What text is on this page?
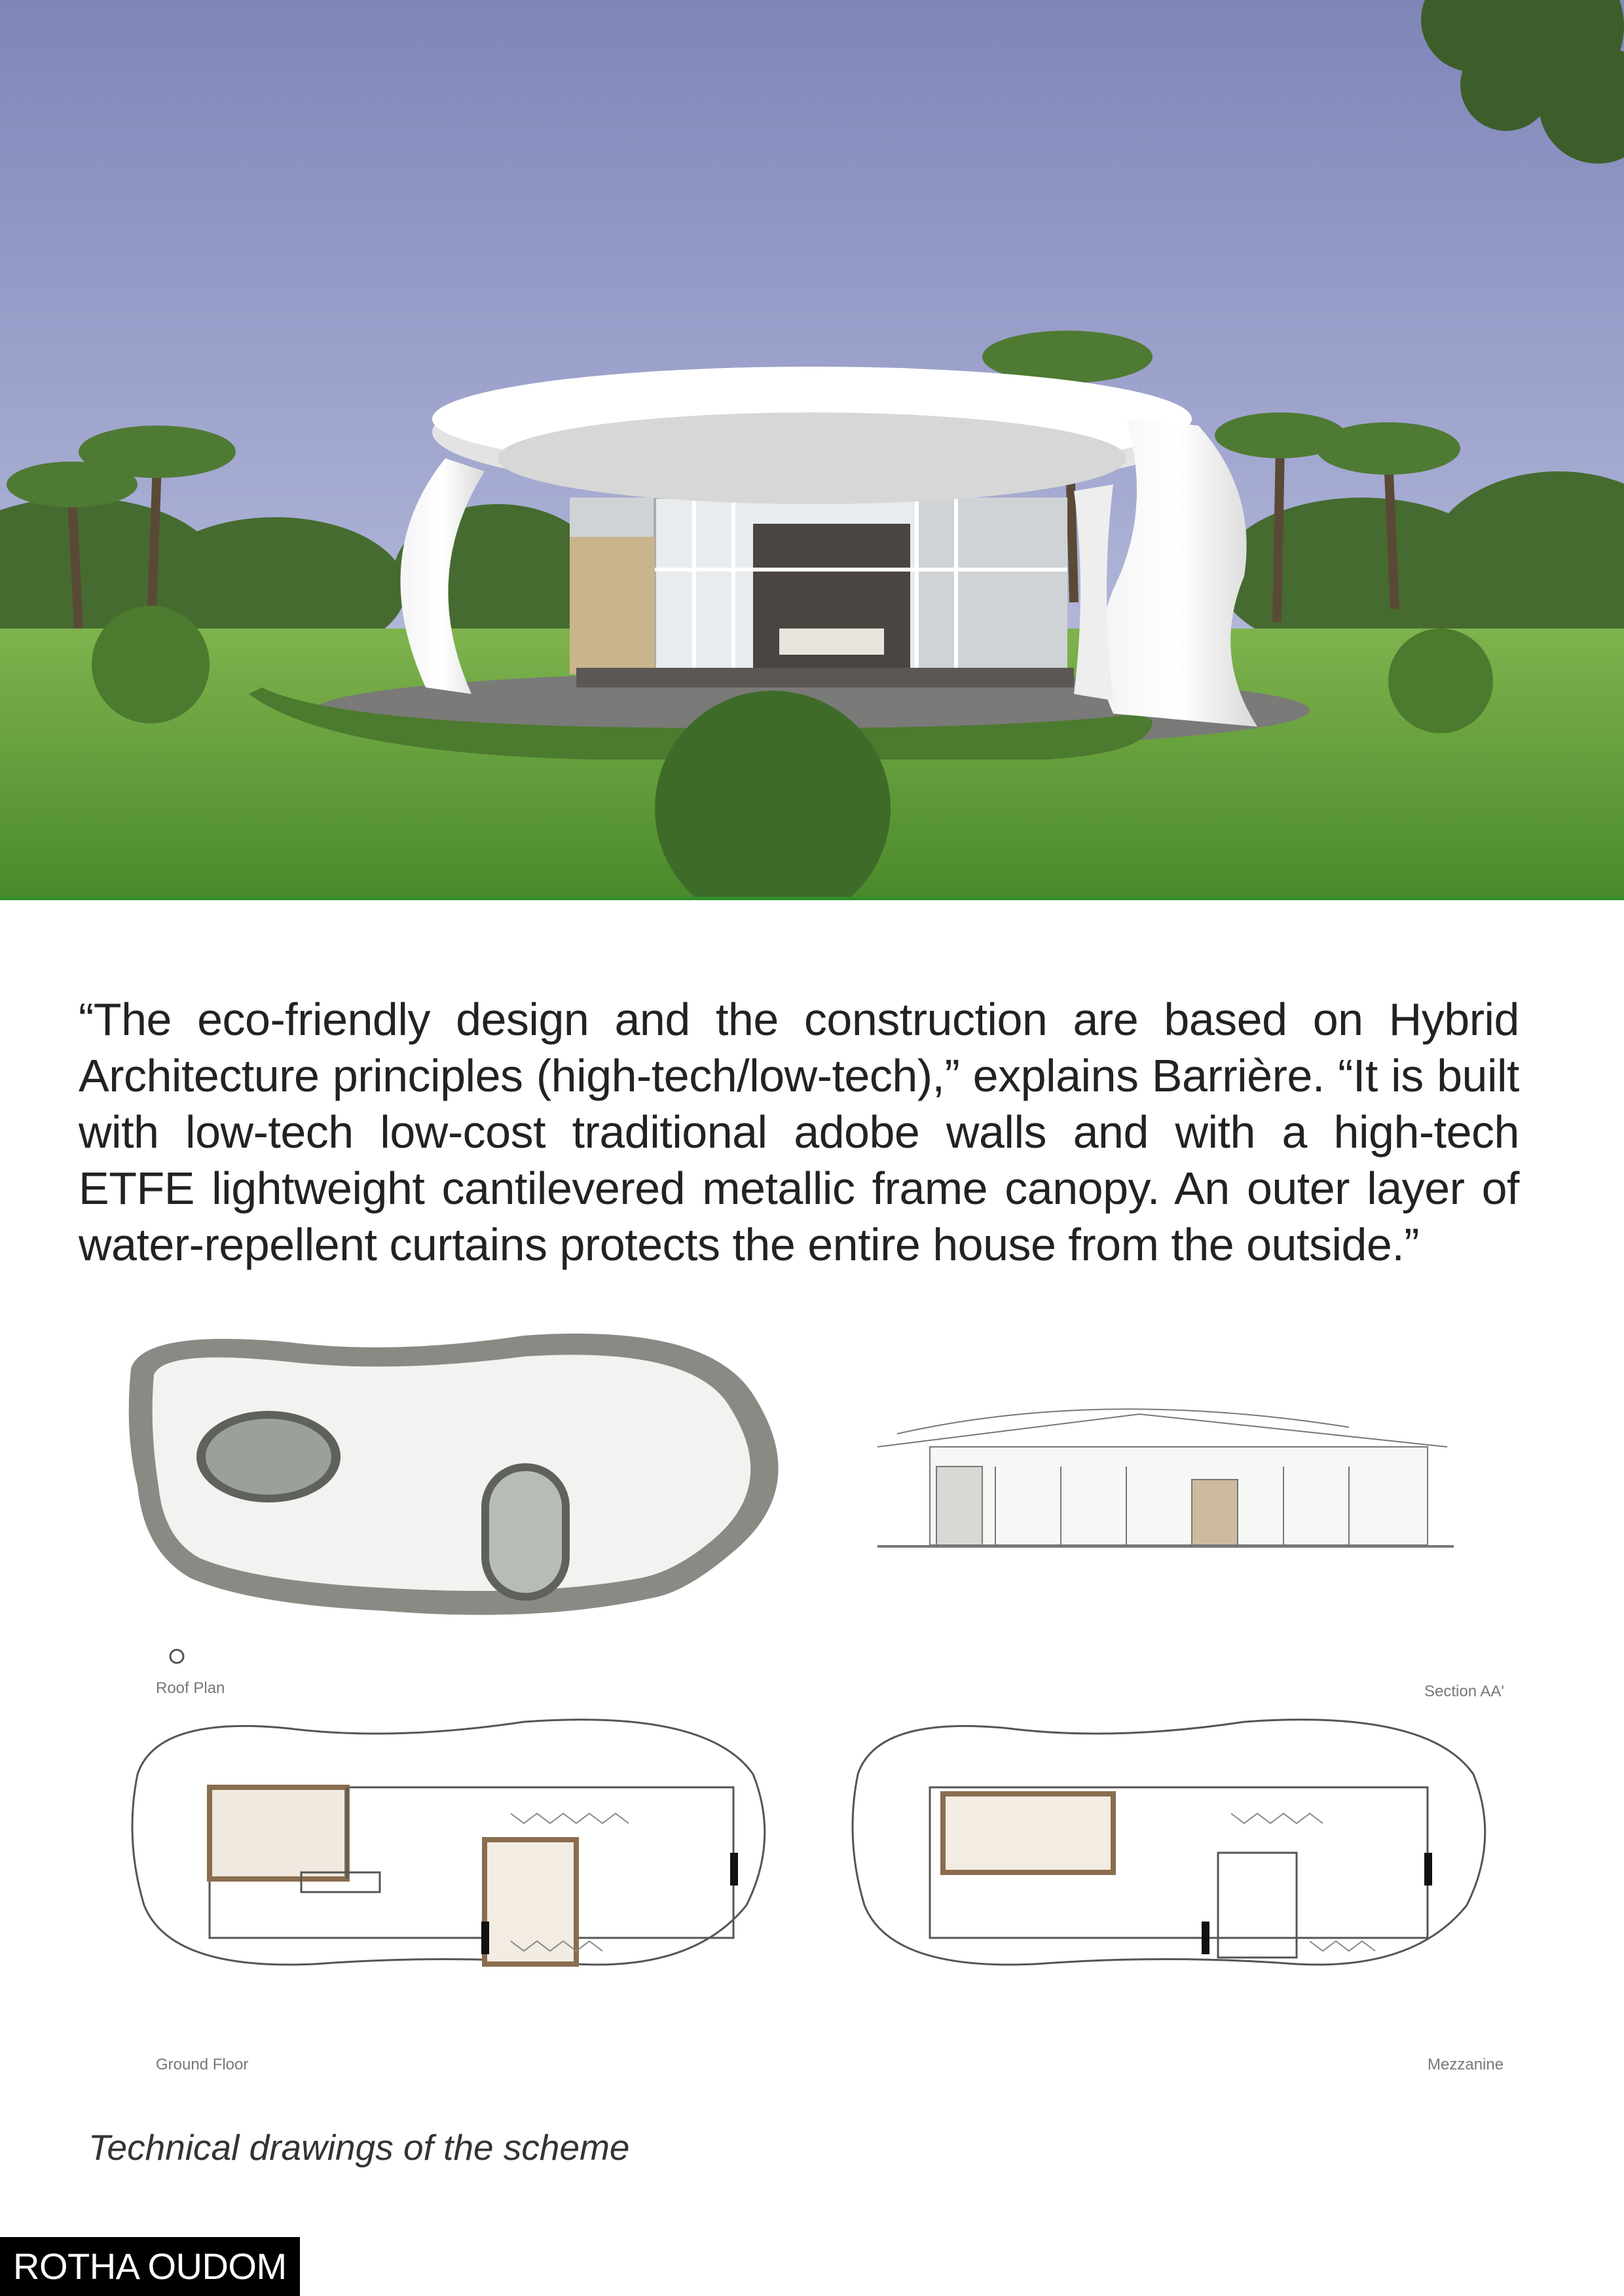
“The eco-friendly design and the construction are based on Hybrid Architecture principles (high-tech/low-tech),” explains Barrière. “It is built with low-tech low-cost traditional adobe walls and with a high-tech ETFE lightweight cantilevered metallic frame canopy. An outer layer of water-repellent curtains protects the entire house from the outside.”

Roof Plan	Section AA'
Ground Floor	Mezzanine
Technical drawings of the scheme
ROTHA OUDOM
